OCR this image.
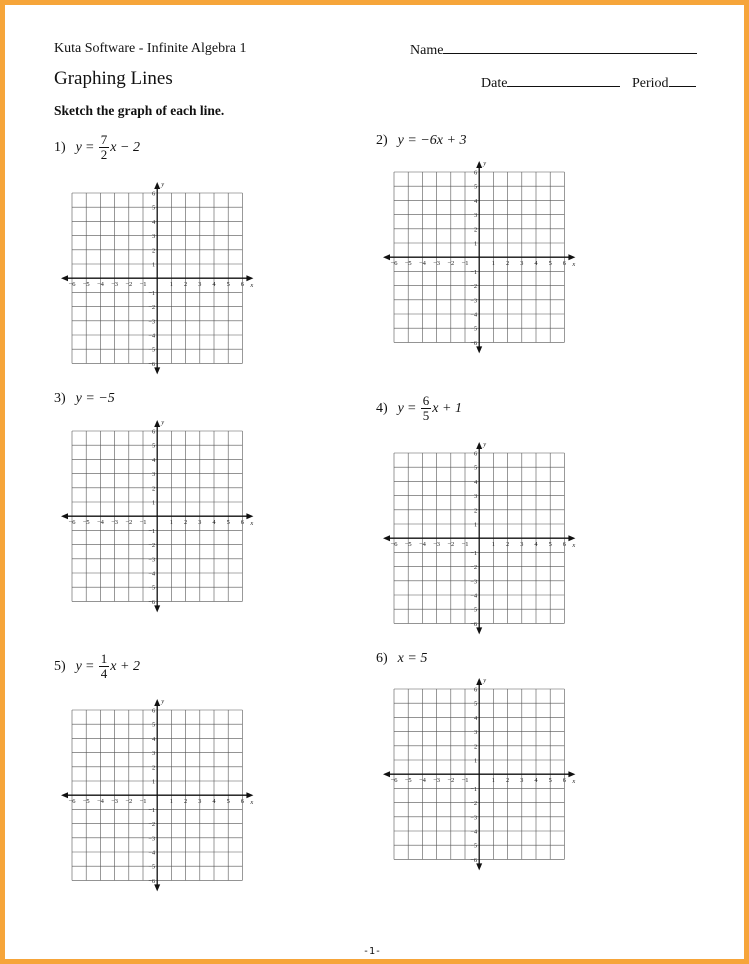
Kuta Software - Infinite Algebra 1	Name
Graphing Lines	Date	Period
Sketch the graph of each line.
1) $y = \frac{7}{2}$ x − 2	2) y = −6x + 3
3) y = −5
4) $y = \frac{6}{5}$ x + 1
5) $y = \frac{1}{4}$ x + 2	6) x = 5
x
y
−6 −5 −4 −3 −2 −1	1 2 3 4 5 6
6
5
4
3
2
1
−1
−2
−3
−4
−5
−6
x
y
−6 −5 −4 −3 −2 −1	1 2 3 4 5 6
6
5
4
3
2
1
−1
−2
−3
−4
−5
−6
x
y
−6 −5 −4 −3 −2 −1	1 2 3 4 5 6
6
5
4
3
2
1
−1
−2
−3
−4
−5
−6
x
y
−6 −5 −4 −3 −2 −1	1 2 3 4 5 6
6
5
4
3
2
1
−1
−2
−3
−4
−5
−6
x
y
−6 −5 −4 −3 −2 −1	1 2 3 4 5 6
6
5
4
3
2
1
−1
−2
−3
−4
−5
−6
x
y
−6 −5 −4 −3 −2 −1	1 2 3 4 5 6
6
5
4
3
2
1
−1
−2
−3
−4
−5
−6
-1-
